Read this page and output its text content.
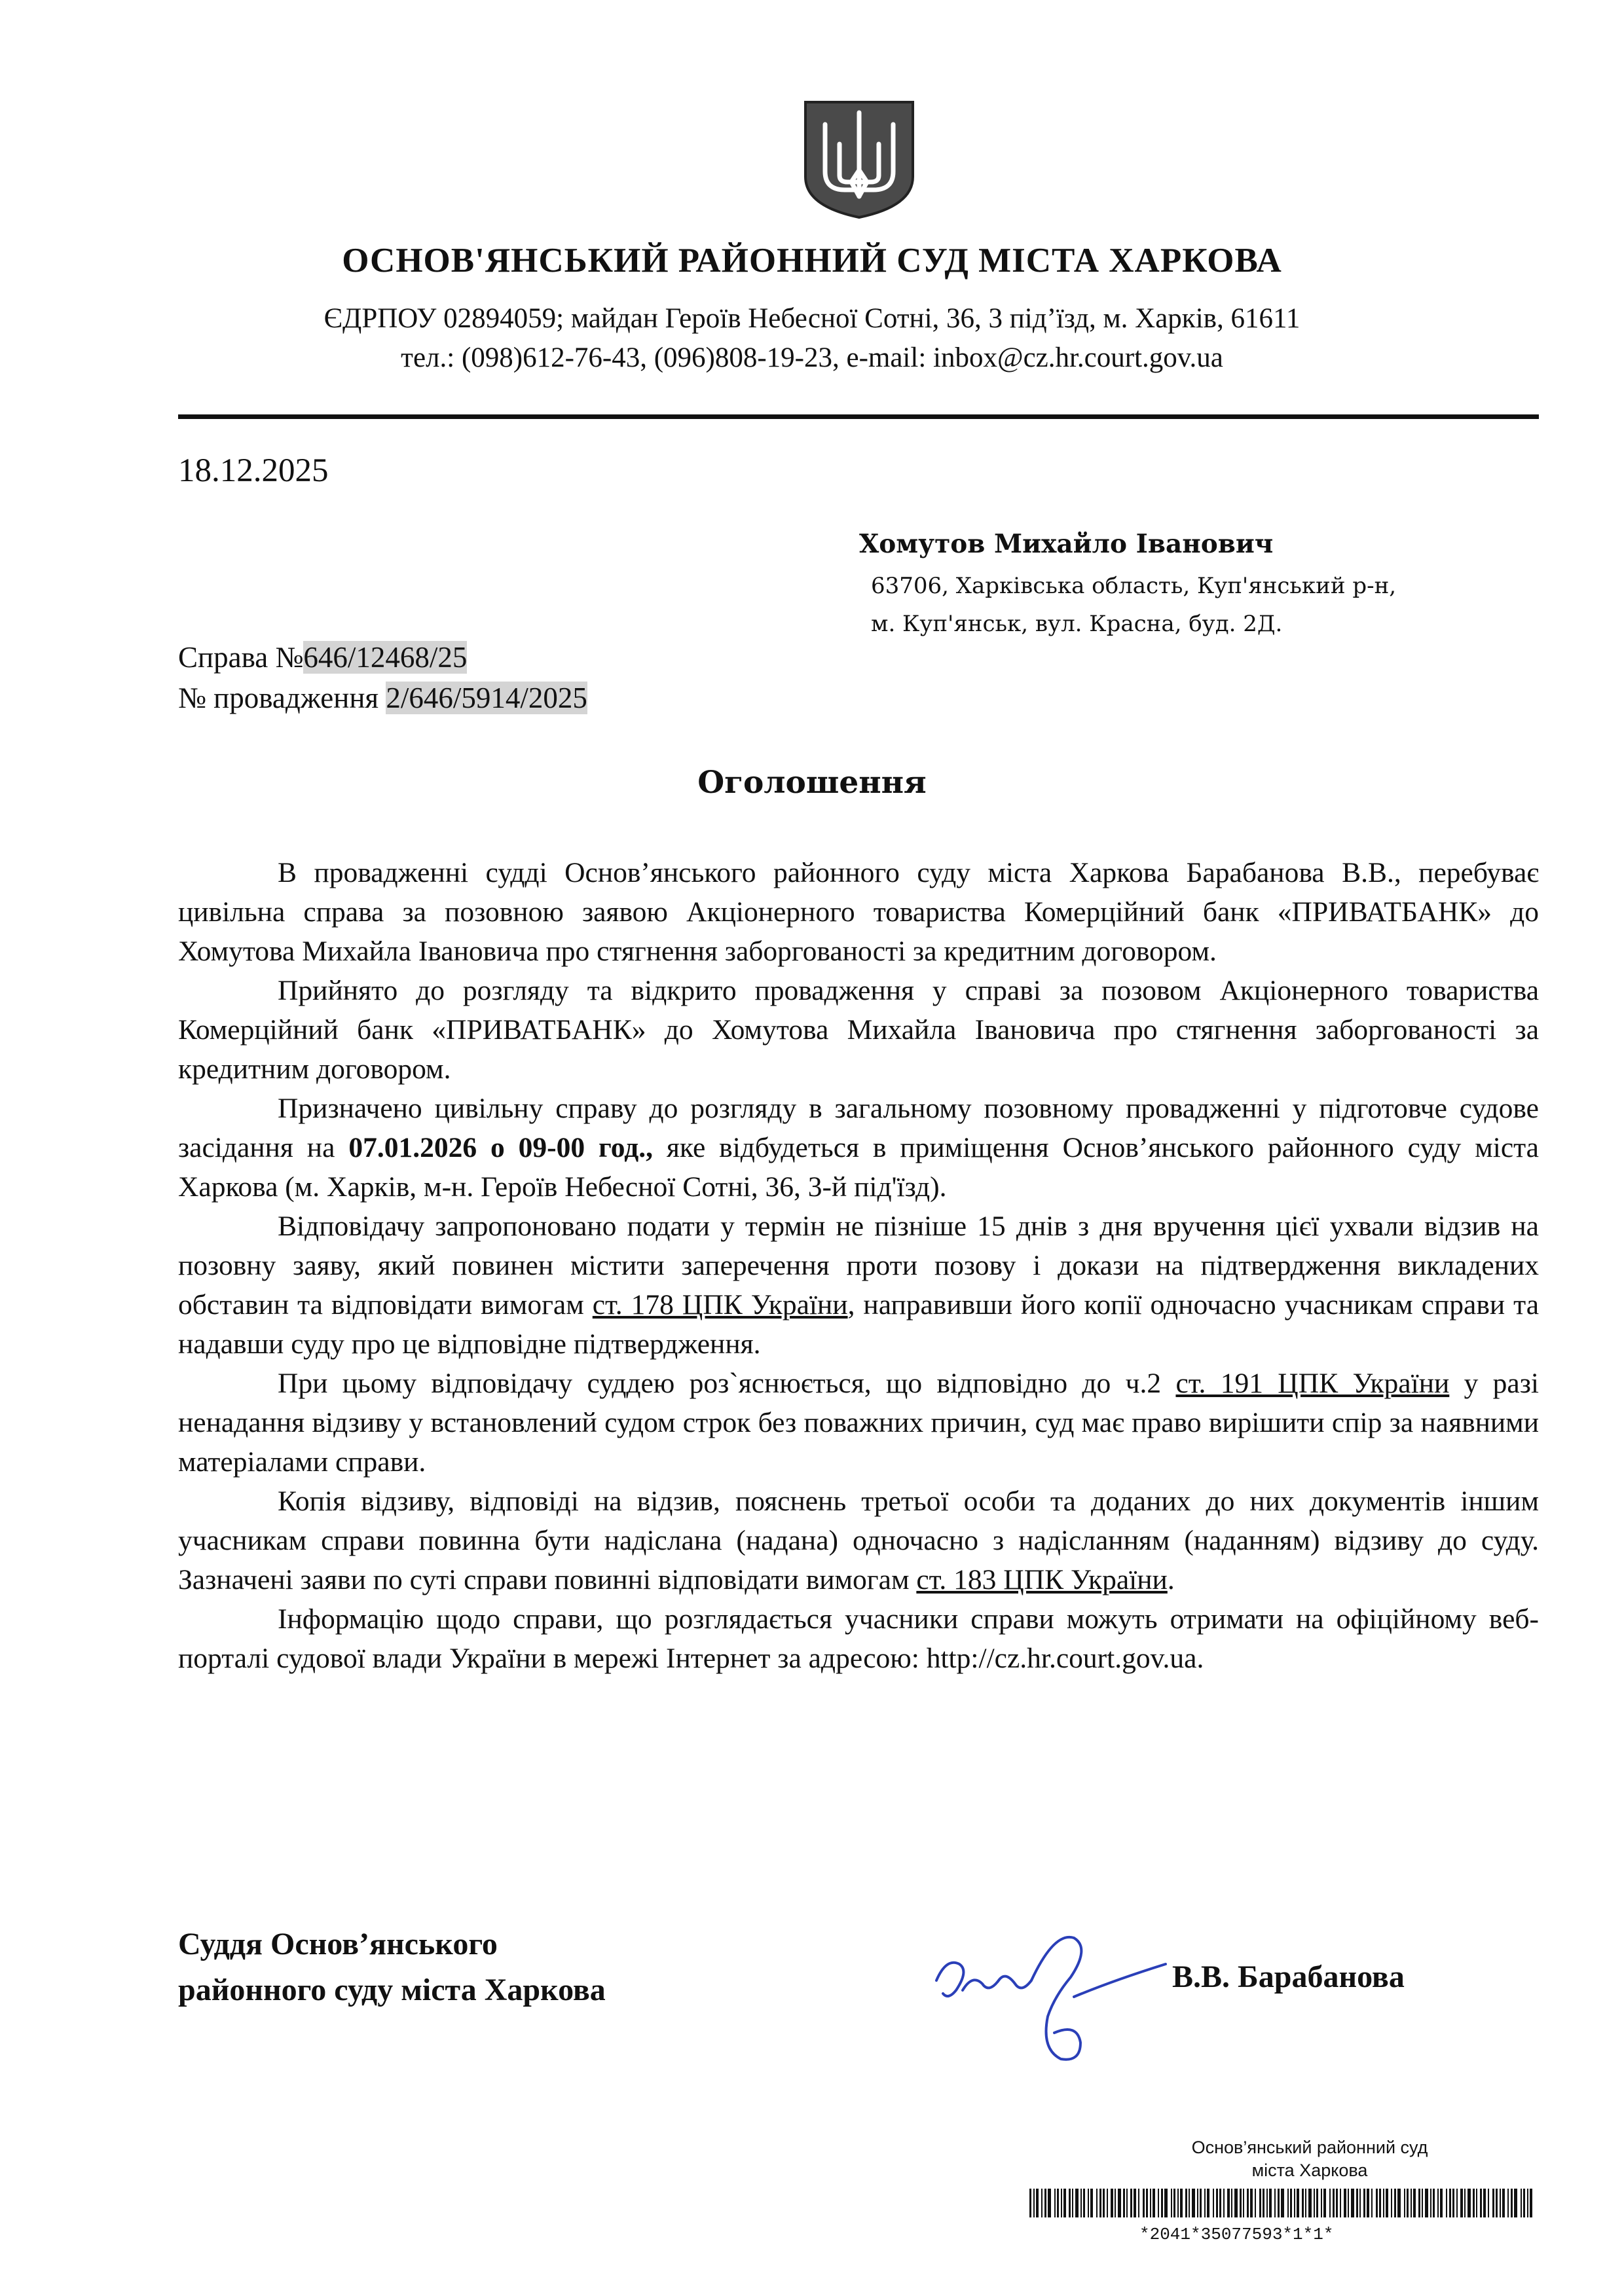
ОСНОВ'ЯНСЬКИЙ РАЙОННИЙ СУД МІСТА ХАРКОВА
ЄДРПОУ 02894059; майдан Героїв Небесної Сотні, 36, 3 під’їзд, м. Харків, 61611
тел.: (098)612-76-43, (096)808-19-23, e-mail: inbox@cz.hr.court.gov.ua
18.12.2025
Хомутов Михайло Іванович
63706, Харківська область, Куп'янський р-н,
м. Куп'янськ, вул. Красна, буд. 2Д.
Справа №646/12468/25
№ провадження 2/646/5914/2025
Оголошення

В провадженні судді Основ’янського районного суду міста Харкова Барабанова В.В., перебуває цивільна справа за позовною заявою Акціонерного товариства Комерційний банк «ПРИВАТБАНК» до Хомутова Михайла Івановича про стягнення заборгованості за кредитним договором.

Прийнято до розгляду та відкрито провадження у справі за позовом Акціонерного товариства Комерційний банк «ПРИВАТБАНК» до Хомутова Михайла Івановича про стягнення заборгованості за кредитним договором.

Призначено цивільну справу до розгляду в загальному позовному провадженні у підготовче судове засідання на 07.01.2026 о 09-00 год., яке відбудеться в приміщення Основ’янського районного суду міста Харкова (м. Харків, м-н. Героїв Небесної Сотні, 36, 3-й під'їзд).

Відповідачу запропоновано подати у термін не пізніше 15 днів з дня вручення цієї ухвали відзив на позовну заяву, який повинен містити заперечення проти позову і докази на підтвердження викладених обставин та відповідати вимогам ст. 178 ЦПК України, направивши його копії одночасно учасникам справи та надавши суду про це відповідне підтвердження.

При цьому відповідачу суддею роз`яснюється, що відповідно до ч.2 ст. 191 ЦПК України у разі ненадання відзиву у встановлений судом строк без поважних причин, суд має право вирішити спір за наявними матеріалами справи.

Копія відзиву, відповіді на відзив, пояснень третьої особи та доданих до них документів іншим учасникам справи повинна бути надіслана (надана) одночасно з надісланням (наданням) відзиву до суду. Зазначені заяви по суті справи повинні відповідати вимогам ст. 183 ЦПК України.

Інформацію щодо справи, що розглядається учасники справи можуть отримати на офіційному веб-порталі судової влади України в мережі Інтернет за адресою: http://cz.hr.court.gov.ua.

Суддя Основ’янського
районного суду міста Харкова	В.В. Барабанова
Основ’янський районний суд
міста Харкова
*2041*35077593*1*1*
